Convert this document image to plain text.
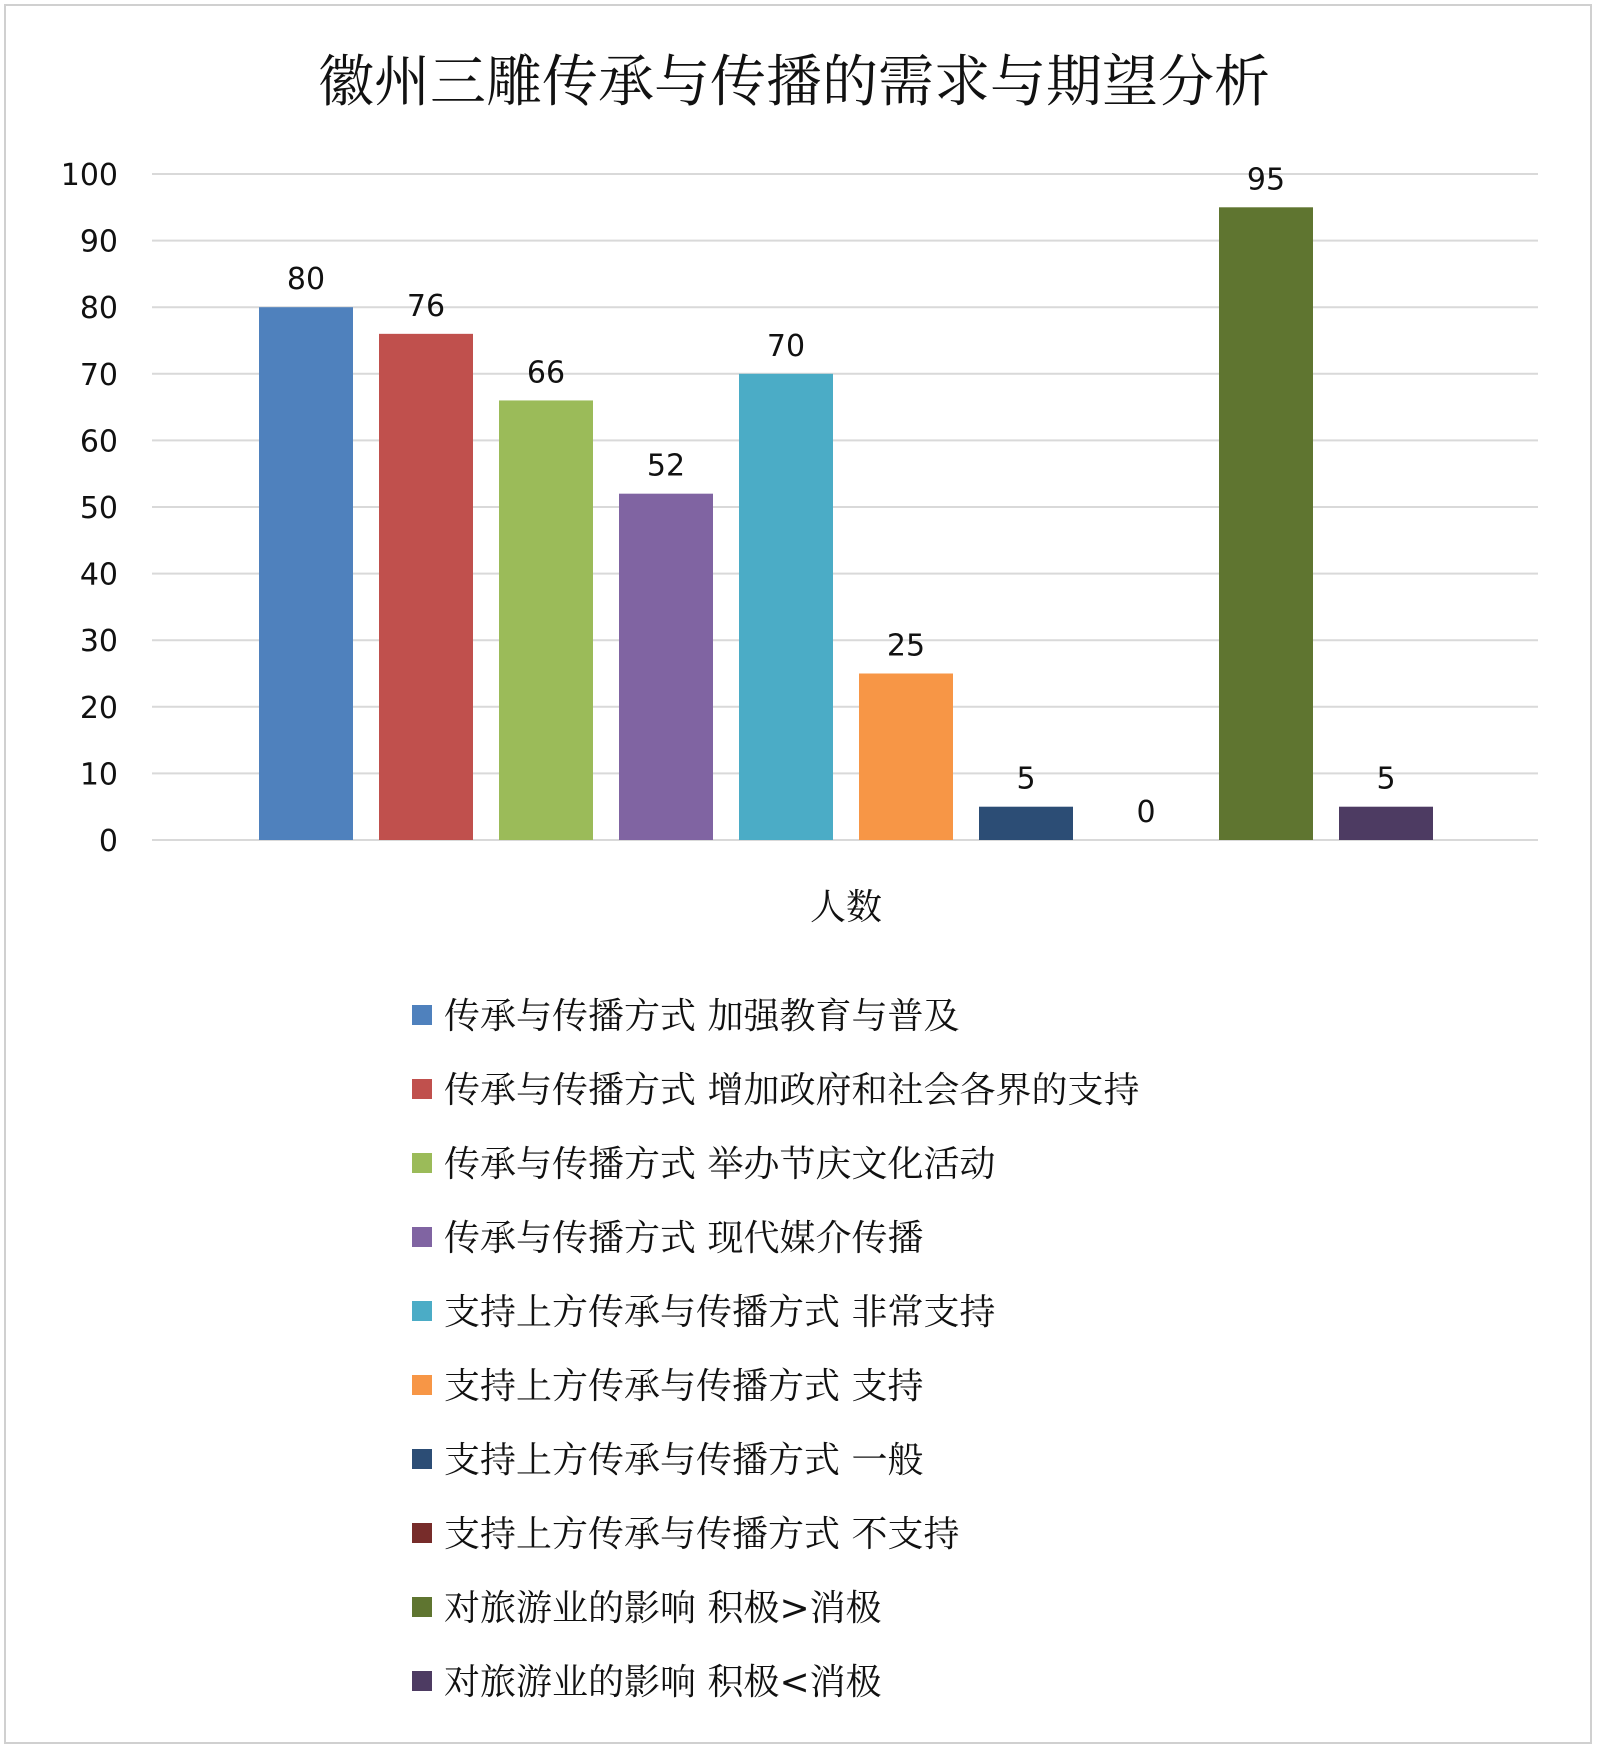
徽州三雕传承与传播的需求与期望分析
0
10
20
30
40
50
60
70
80
90
100
80
76
66
52
70
25
5
0
95
5
人数
传承与传播方式 加强教育与普及
传承与传播方式 增加政府和社会各界的支持
传承与传播方式 举办节庆文化活动
传承与传播方式 现代媒介传播
支持上方传承与传播方式 非常支持
支持上方传承与传播方式 支持
支持上方传承与传播方式 一般
支持上方传承与传播方式 不支持
对旅游业的影响 积极>消极
对旅游业的影响 积极<消极
